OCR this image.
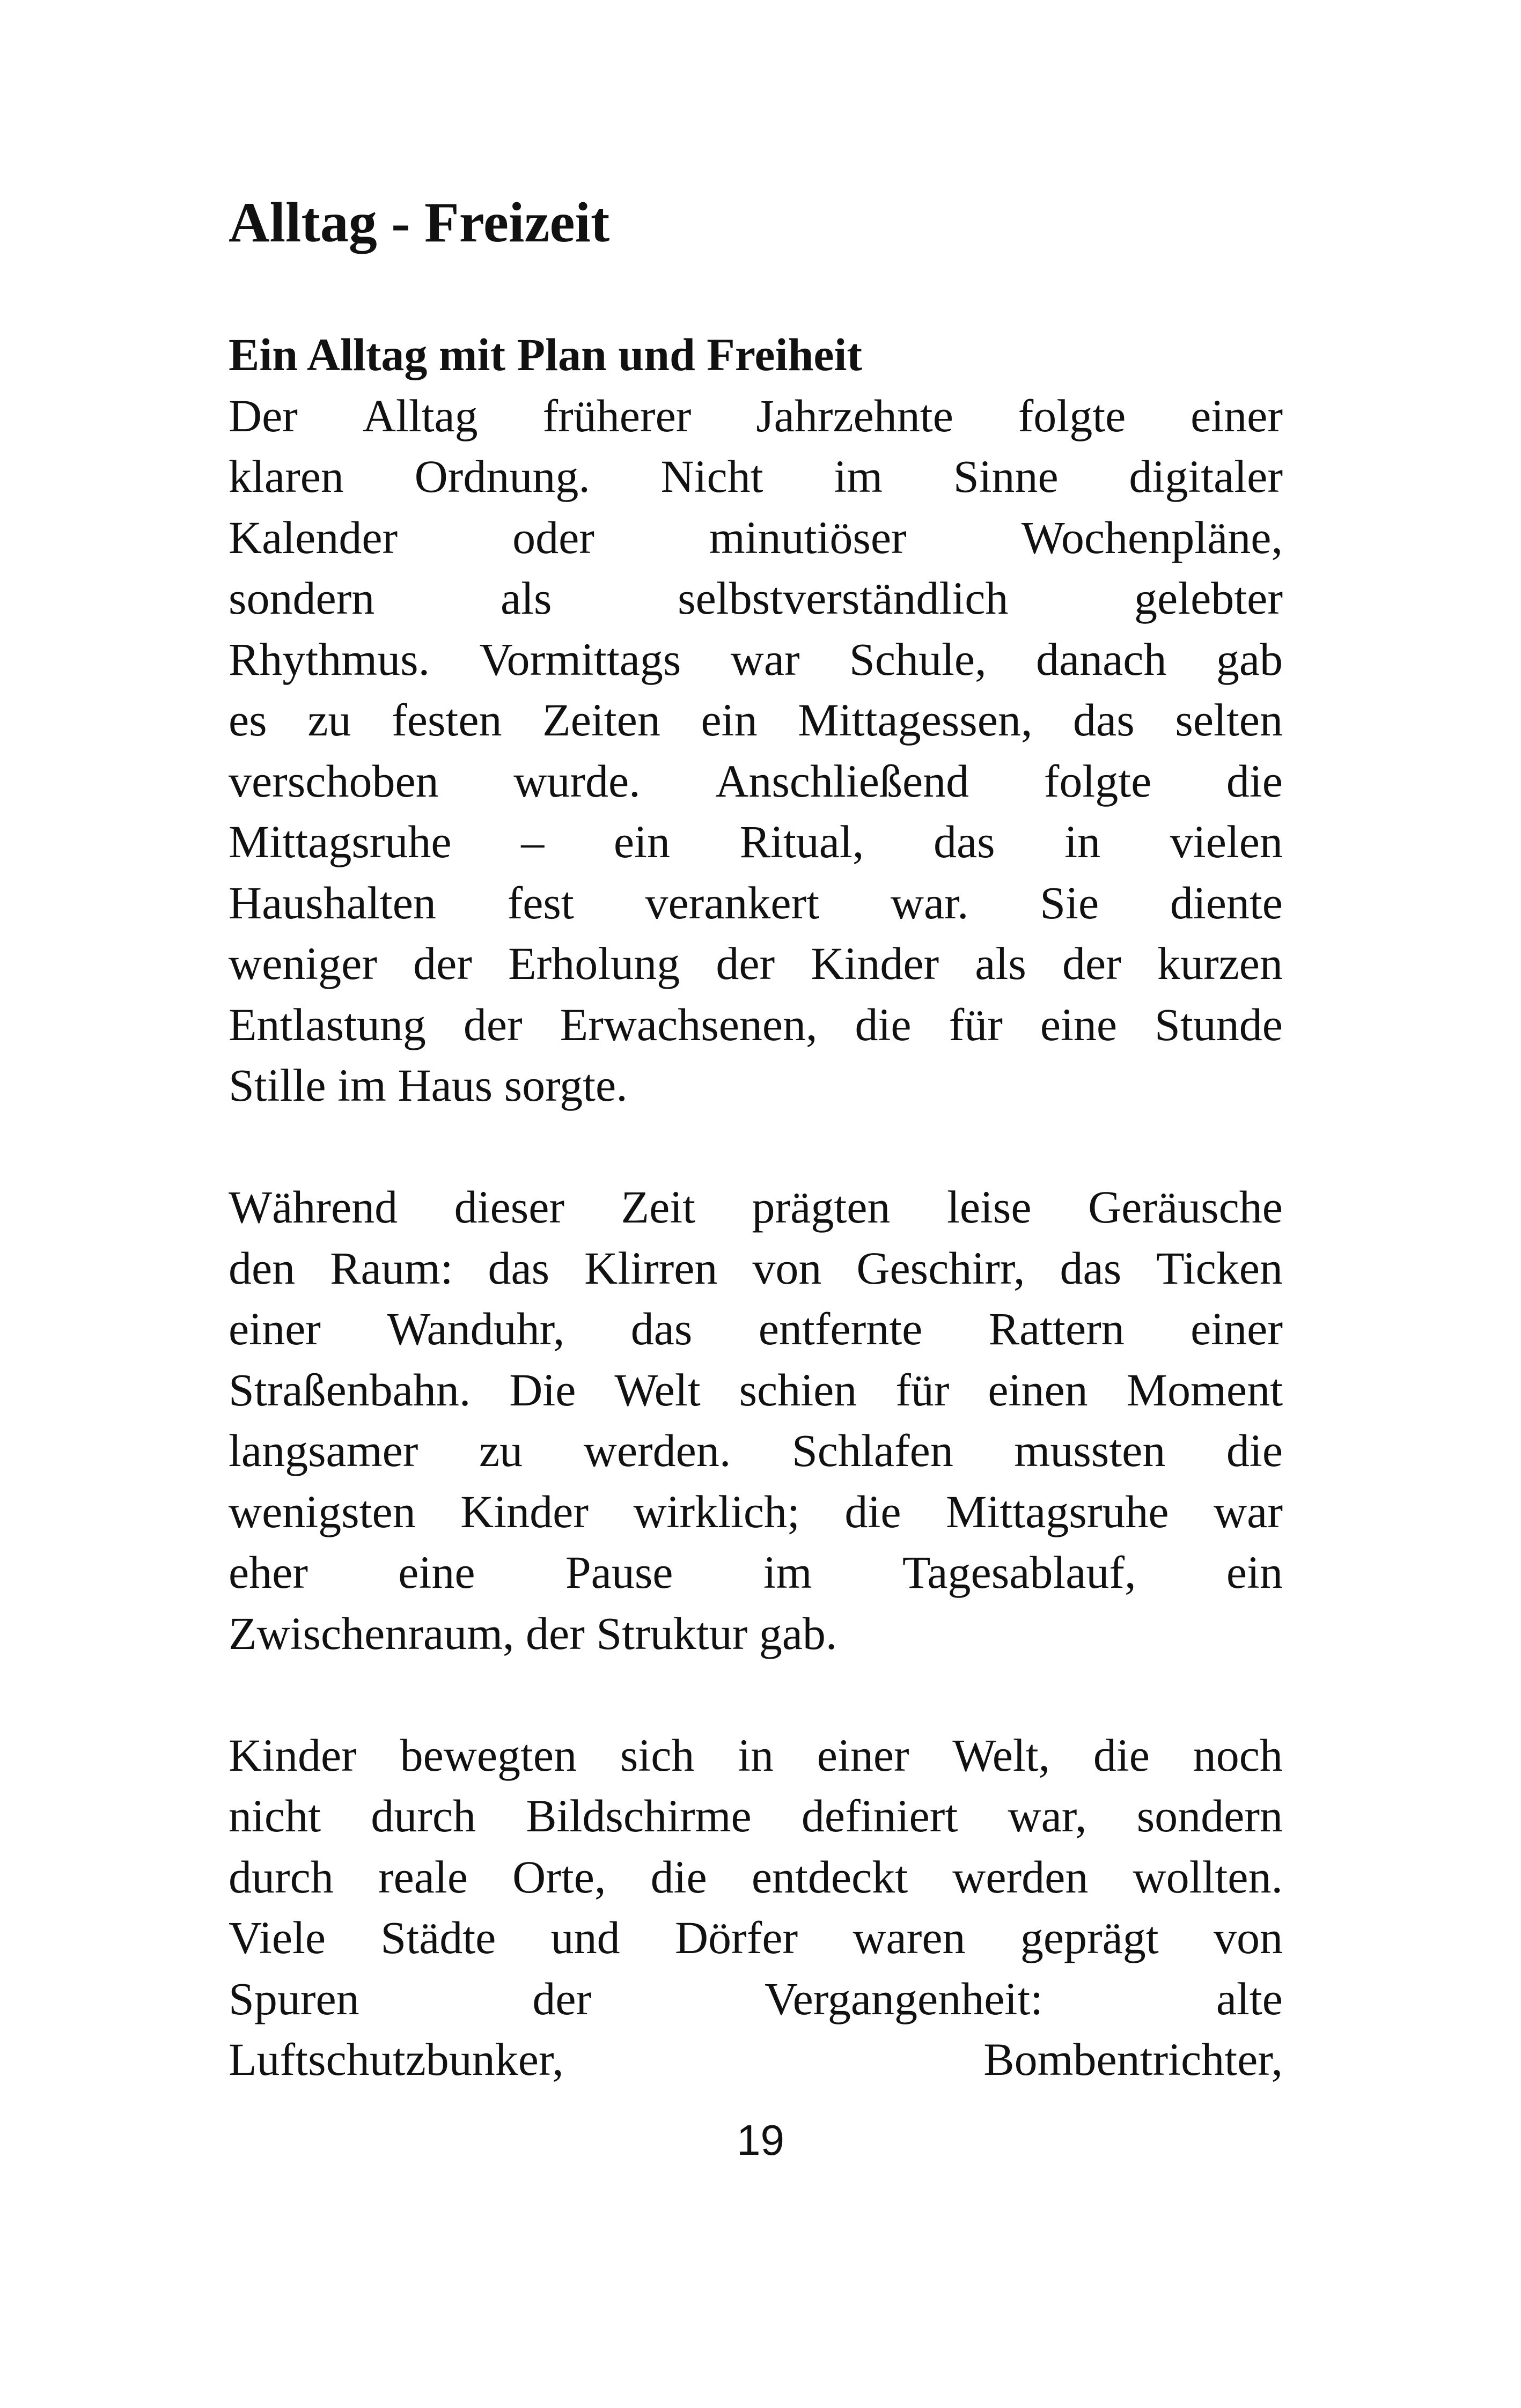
Alltag - Freizeit
Ein Alltag mit Plan und Freiheit
Der Alltag früherer Jahrzehnte folgte einer
klaren Ordnung. Nicht im Sinne digitaler
Kalender oder minutiöser Wochenpläne,
sondern	als	selbstverständlich	gelebter
Rhythmus. Vormittags war Schule, danach gab
es zu festen Zeiten ein Mittagessen, das selten
verschoben wurde. Anschließend folgte die
Mittagsruhe – ein Ritual, das in vielen
Haushalten fest verankert war. Sie diente
weniger der Erholung der Kinder als der kurzen
Entlastung der Erwachsenen, die für eine Stunde
Stille im Haus sorgte.
Während dieser Zeit prägten leise Geräusche
den Raum: das Klirren von Geschirr, das Ticken
einer Wanduhr, das entfernte Rattern einer
Straßenbahn. Die Welt schien für einen Moment
langsamer zu werden. Schlafen mussten die
wenigsten Kinder wirklich; die Mittagsruhe war
eher eine Pause im Tagesablauf, ein
Zwischenraum, der Struktur gab.
Kinder bewegten sich in einer Welt, die noch
nicht durch Bildschirme definiert war, sondern
durch reale Orte, die entdeckt werden wollten.
Viele Städte und Dörfer waren geprägt von
Spuren	der	Vergangenheit:	alte
Luftschutzbunker,	Bombentrichter,
19
